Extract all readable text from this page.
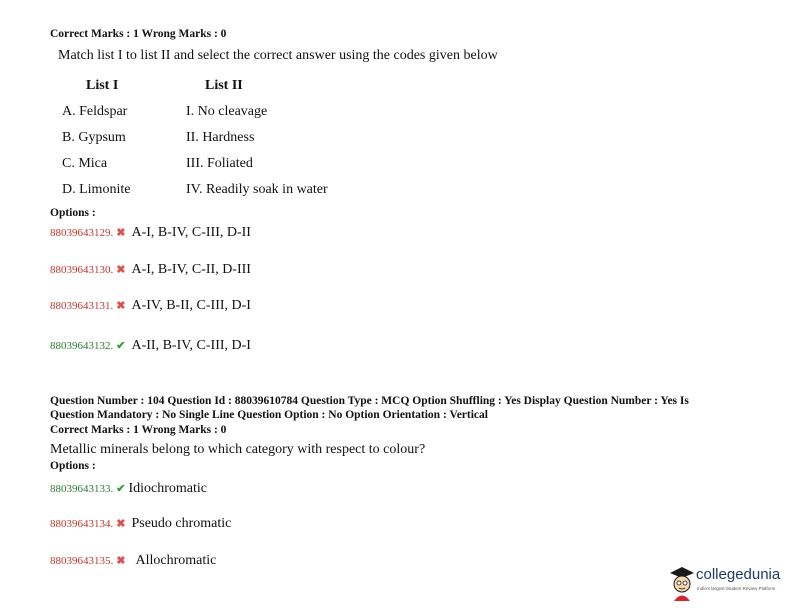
Correct Marks : 1 Wrong Marks : 0
Match list I to list II and select the correct answer using the codes given below
List I	List II
A. Feldspar	I. No cleavage
B. Gypsum	II. Hardness
C. Mica	III. Foliated
D. Limonite	IV. Readily soak in water
Options :
88039643129. ✖ A-I, B-IV, C-III, D-II
88039643130. ✖ A-I, B-IV, C-II, D-III
88039643131. ✖ A-IV, B-II, C-III, D-I
88039643132. ✔ A-II, B-IV, C-III, D-I
Question Number : 104 Question Id : 88039610784 Question Type : MCQ Option Shuffling : Yes Display Question Number : Yes Is
Question Mandatory : No Single Line Question Option : No Option Orientation : Vertical
Correct Marks : 1 Wrong Marks : 0
Metallic minerals belong to which category with respect to colour?
Options :
88039643133. ✔ Idiochromatic
88039643134. ✖ Pseudo chromatic
88039643135. ✖ Allochromatic
collegedunia
India's largest Student Review Platform
